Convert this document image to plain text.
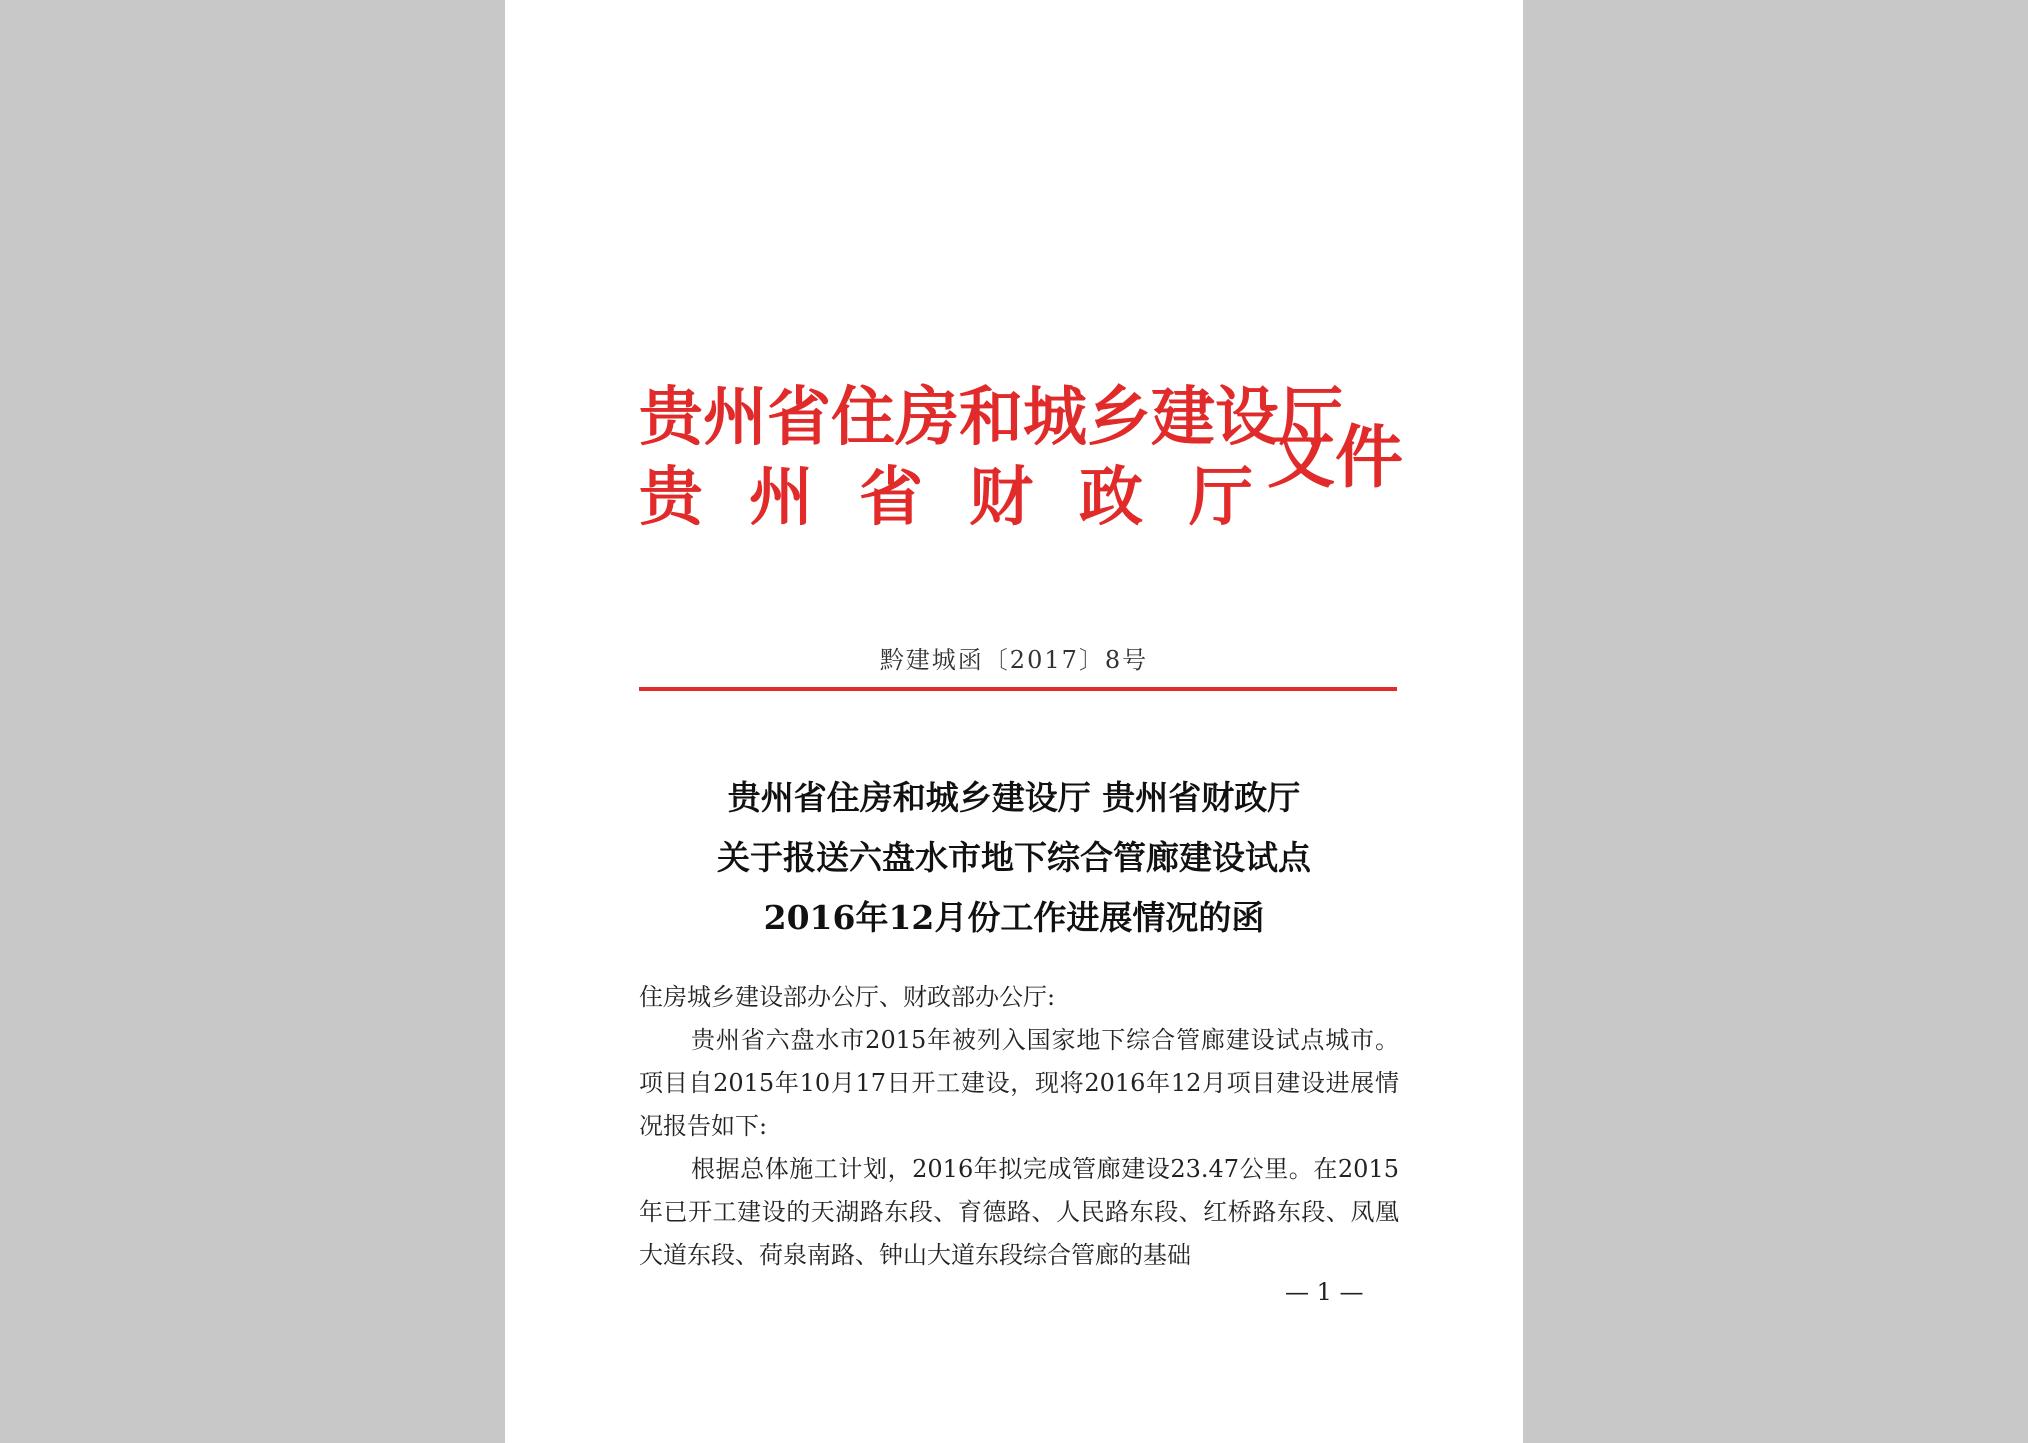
贵州省住房和城乡建设厅
贵 州 省 财 政 厅 文件
黔建城函〔2017〕8号
贵州省住房和城乡建设厅 贵州省财政厅
关于报送六盘水市地下综合管廊建设试点
2016年12月份工作进展情况的函

住房城乡建设部办公厅、财政部办公厅:

贵州省六盘水市2015年被列入国家地下综合管廊建设试点城市。项目自2015年10月17日开工建设，现将2016年12月项目建设进展情况报告如下:

根据总体施工计划，2016年拟完成管廊建设23.47公里。在2015年已开工建设的天湖路东段、育德路、人民路东段、红桥路东段、凤凰大道东段、荷泉南路、钟山大道东段综合管廊的基础

— 1 —
